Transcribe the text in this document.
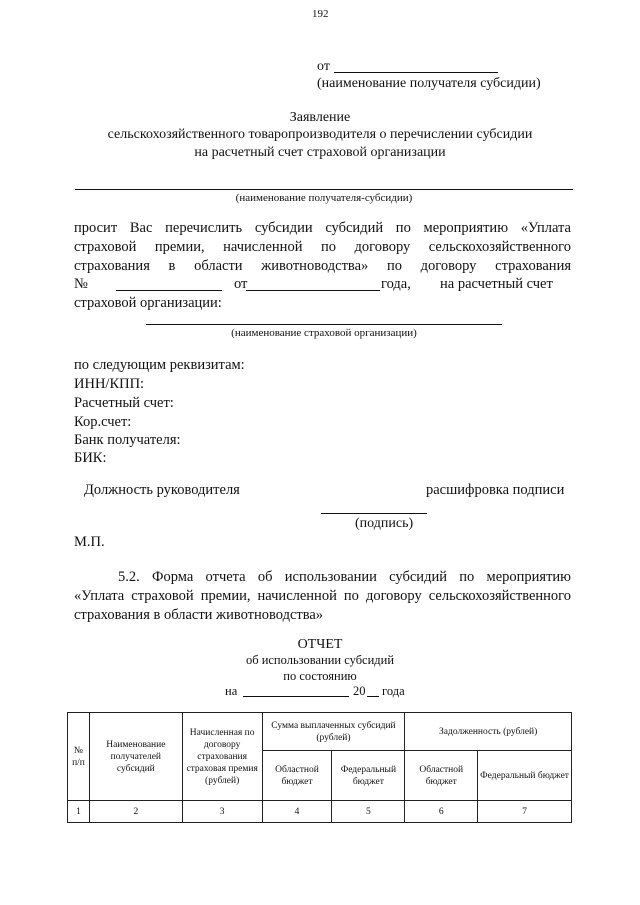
192
от
(наименование получателя субсидии)
Заявление
сельскохозяйственного товаропроизводителя о перечислении субсидии
на расчетный счет страховой организации
(наименование получателя-субсидии)
просит Вас перечислить субсидии субсидий по мероприятию «Уплата
страховой премии, начисленной по договору сельскохозяйственного
страхования в области животноводства» по договору страхования
№	от	года, на расчетный счет
страховой организации:
(наименование страховой организации)
по следующим реквизитам:
ИНН/КПП:
Расчетный счет:
Кор.счет:
Банк получателя:
БИК:
Должность руководителя	расшифровка подписи
(подпись)
М.П.
5.2. Форма отчета об использовании субсидий по мероприятию
«Уплата страховой премии, начисленной по договору сельскохозяйственного
страхования в области животноводства»
ОТЧЕТ
об использовании субсидий
по состоянию
на	20 года
№ п/п	Наименование получателей субсидий	Начисленная по договору страхования страховая премия (рублей)	Сумма выплаченных субсидий (рублей)		Задолженность (рублей)	
			Областной бюджет	Федеральный бюджет	Областной бюджет	Федеральный бюджет
1	2	3	4	5	6	7
